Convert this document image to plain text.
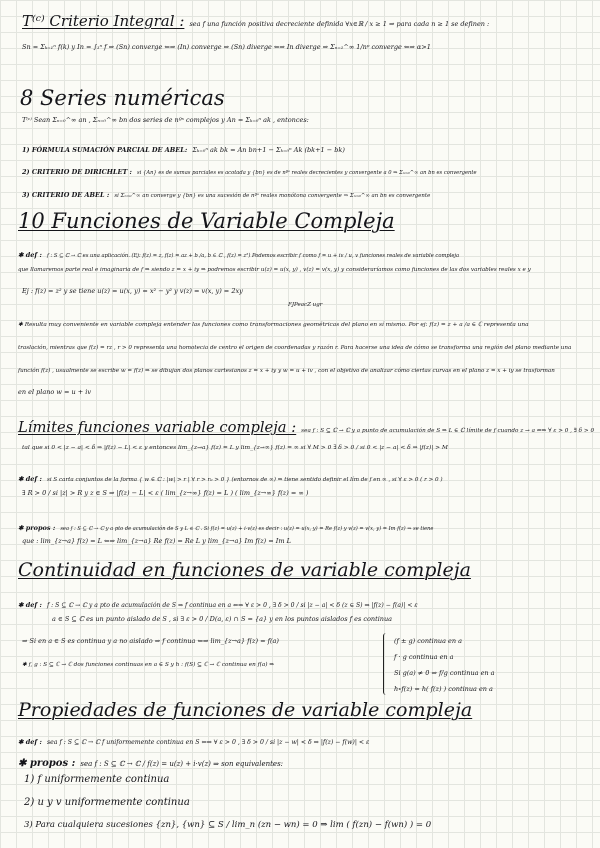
T⁽ᶜ⁾ Criterio Integral : sea f una función positiva decreciente definida ∀x∈ℝ / x ≥ 1 ⇒ para cada n ≥ 1 se definen :
Sn = Σₖ₌₁ⁿ f(k) y In = ∫₁ⁿ f ⇒ (Sn) converge ⇐⇒ (In) converge ⇒ (Sn) diverge ⇐⇒ In diverge ⇒ Σₙ₌₁^∞ 1/nᵖ converge ⇐⇒ α>1
8 Series numéricas
T⁽ᶜ⁾ Sean Σₙ₌₀^∞ an , Σₙ₌₀^∞ bn dos series de nºˢ complejos y An = Σₖ₌₀ⁿ ak , entonces:
1) FÓRMULA SUMACIÓN PARCIAL DE ABEL: Σₖ₌₀ⁿ ak bk = An bn+1 − Σₖ₌₀ⁿ Ak (bk+1 − bk)
2) CRITERIO DE DIRICHLET : si {An} es de sumas parciales es acotada y {bn} es de nºˢ reales decrecientes y convergente a 0 ⇒ Σₙ₌₀^∞ an bn es convergente
3) CRITERIO DE ABEL : si Σₙ₌₀^∞ an converge y {bn} es una sucesión de nºˢ reales monótona convergente ⇒ Σₙ₌₀^∞ an bn es convergente
10 Funciones de Variable Compleja
✱ def : f : S ⊆ ℂ → ℂ es una aplicación. (Ej: f(z) = z, f(z) = az + b /a, b ∈ ℂ , f(z) = z²) Podemos escribir f como f = u + iv / u, v funciones reales de variable compleja
que llamaremos parte real e imaginaria de f ⇒ siendo z = x + iy ⇒ podremos escribir u(z) = u(x, y) , v(z) = v(x, y) y consideraríamos como funciones de las dos variables reales x e y
Ej : f(z) = z² y se tiene u(z) = u(x, y) = x² − y² y v(z) = v(x, y) = 2xy
FJPeacZ ugr
✱ Resulta muy conveniente en variable compleja entender las funciones como transformaciones geométricas del plano en sí mismo. Por ej: f(z) = z + a /a ∈ ℂ representa una
traslación, mientras que f(z) = rz , r > 0 representa una homotecia de centro el origen de coordenadas y razón r. Para hacerse una idea de cómo se transforma una región del plano mediante una
función f(z) , usualmente se escribe w = f(z) ⇒ se dibujan dos planos cartesianos z = x + iy y w = u + iv , con el objetivo de analizar cómo ciertas curvas en el plano z = x + iy se trasforman
en el plano w = u + iv
Límites funciones variable compleja : sea f : S ⊆ ℂ → ℂ y a punto de acumulación de S ⇒ L ∈ ℂ límite de f cuando z → a ⇐⇒ ∀ ε > 0 , ∃ δ > 0
tal que si 0 < |z − a| < δ ⇒ |f(z) − L| < ε y entonces lim_{z→a} f(z) = L y lim_{z→∞} f(z) = ∞ si ∀ M > 0 ∃ δ > 0 / si 0 < |z − a| < δ ⇒ |f(z)| > M
✱ def : si S carta conjuntos de la forma { w ∈ ℂ : |w| > r | ∀ r > r₀ > 0 } (entornos de ∞) ⇒ tiene sentido definir el lím de f en ∞ , si ∀ ε > 0 ( r > 0 )
∃ R > 0 / si |z| > R y z ∈ S ⇒ |f(z) − L| < ε ( lim_{z→∞} f(z) = L ) ( lim_{z→∞} f(z) = ∞ )
✱ propos : sea f : S ⊆ ℂ → ℂ y a pto de acumulación de S y L ∈ ℂ . Si f(z) = u(z) + i·v(z) es decir : u(z) = u(x, y) = Re f(z) y v(z) = v(x, y) = Im f(z) ⇒ se tiene
que : lim_{z→a} f(z) = L ⇐⇒ lim_{z→a} Re f(z) = Re L y lim_{z→a} Im f(z) = Im L
Continuidad en funciones de variable compleja
✱ def : f : S ⊆ ℂ → ℂ y a pto de acumulación de S ⇒ f continua en a ⇐⇒ ∀ ε > 0 , ∃ δ > 0 / si |z − a| < δ (z ∈ S) ⇒ |f(z) − f(a)| < ε
a ∈ S ⊆ ℂ es un punto aislado de S , si ∃ ε > 0 / D(a, ε) ∩ S = {a} y en los puntos aislados f es continua
⇒ Si en a ∈ S es continua y a no aislado ⇒ f continua ⇐⇒ lim_{z→a} f(z) = f(a)
✱ f, g : S ⊆ ℂ → ℂ dos funciones continuas en a ∈ S y h : f(S) ⊆ ℂ → ℂ continua en f(a) ⇒
(f ± g) continua en a
f · g continua en a
Si g(a) ≠ 0 ⇒ f/g continua en a
h∘f(z) = h( f(z) ) continua en a
Propiedades de funciones de variable compleja
✱ def : sea f : S ⊆ ℂ → ℂ f uniformemente continua en S ⇐⇒ ∀ ε > 0 , ∃ δ > 0 / si |z − w| < δ ⇒ |f(z) − f(w)| < ε
✱ propos : sea f : S ⊆ ℂ → ℂ / f(z) = u(z) + i·v(z) ⇒ son equivalentes:
1) f uniformemente continua
2) u y v uniformemente continua
3) Para cualquiera sucesiones {zn}, {wn} ⊆ S / lim_n (zn − wn) = 0 ⇒ lim ( f(zn) − f(wn) ) = 0
